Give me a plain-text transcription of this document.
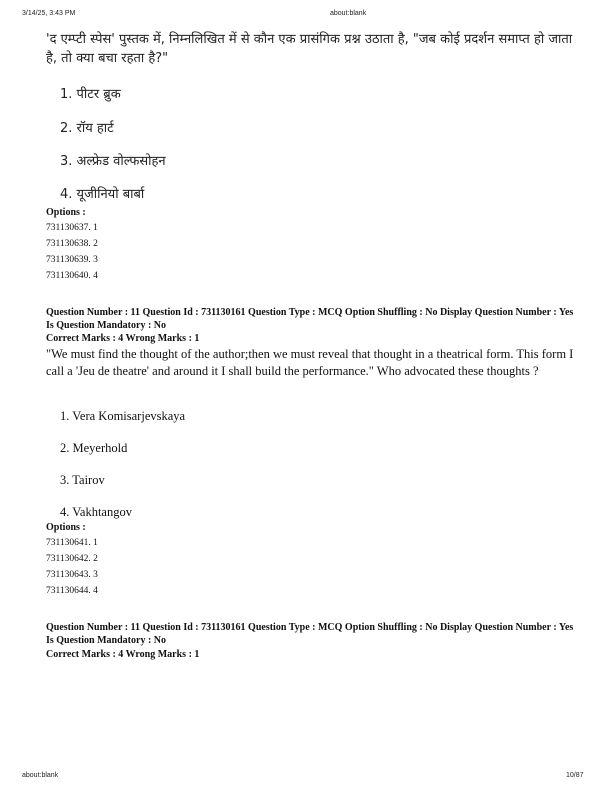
3/14/25, 3:43 PM	about:blank
'द एम्प्टी स्पेस' पुस्तक में, निम्नलिखित में से कौन एक प्रासंगिक प्रश्न उठाता है, "जब कोई प्रदर्शन समाप्त हो जाता है, तो क्या बचा रहता है?"
1. पीटर ब्रुक
2. रॉय हार्ट
3. अल्फ्रेड वोल्फसोहन
4. यूजीनियो बार्बा
Options :
731130637. 1
731130638. 2
731130639. 3
731130640. 4
Question Number : 11 Question Id : 731130161 Question Type : MCQ Option Shuffling : No Display Question Number : Yes Is Question Mandatory : No
Correct Marks : 4 Wrong Marks : 1
"We must find the thought of the author;then we must reveal that thought in a theatrical form. This form I call a 'Jeu de theatre' and around it I shall build the performance." Who advocated these thoughts ?
1. Vera Komisarjevskaya
2. Meyerhold
3. Tairov
4. Vakhtangov
Options :
731130641. 1
731130642. 2
731130643. 3
731130644. 4
Question Number : 11 Question Id : 731130161 Question Type : MCQ Option Shuffling : No Display Question Number : Yes Is Question Mandatory : No
Correct Marks : 4 Wrong Marks : 1
about:blank	10/87
